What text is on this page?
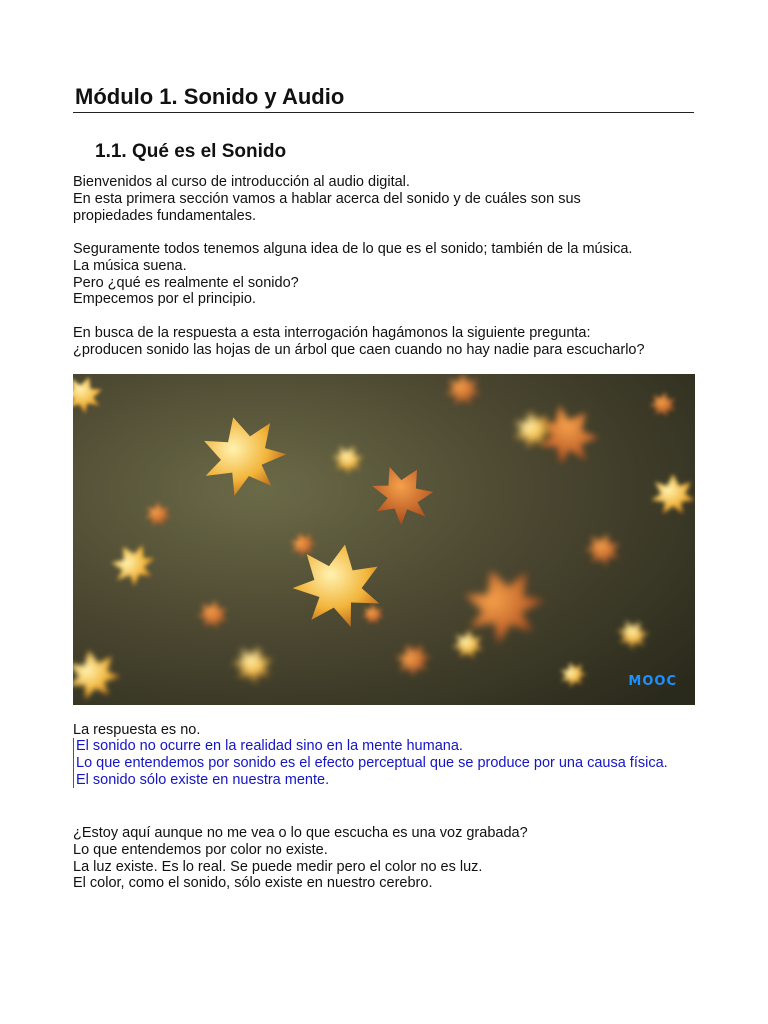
Módulo 1. Sonido y Audio
1.1. Qué es el Sonido
Bienvenidos al curso de introducción al audio digital.
En esta primera sección vamos a hablar acerca del sonido y de cuáles son sus
propiedades fundamentales.
Seguramente todos tenemos alguna idea de lo que es el sonido; también de la música.
La música suena.
Pero ¿qué es realmente el sonido?
Empecemos por el principio.
En busca de la respuesta a esta interrogación hagámonos la siguiente pregunta:
¿producen sonido las hojas de un árbol que caen cuando no hay nadie para escucharlo?
MOOC
La respuesta es no.
El sonido no ocurre en la realidad sino en la mente humana.
Lo que entendemos por sonido es el efecto perceptual que se produce por una causa física.
El sonido sólo existe en nuestra mente.
¿Estoy aquí aunque no me vea o lo que escucha es una voz grabada?
Lo que entendemos por color no existe.
La luz existe. Es lo real. Se puede medir pero el color no es luz.
El color, como el sonido, sólo existe en nuestro cerebro.
